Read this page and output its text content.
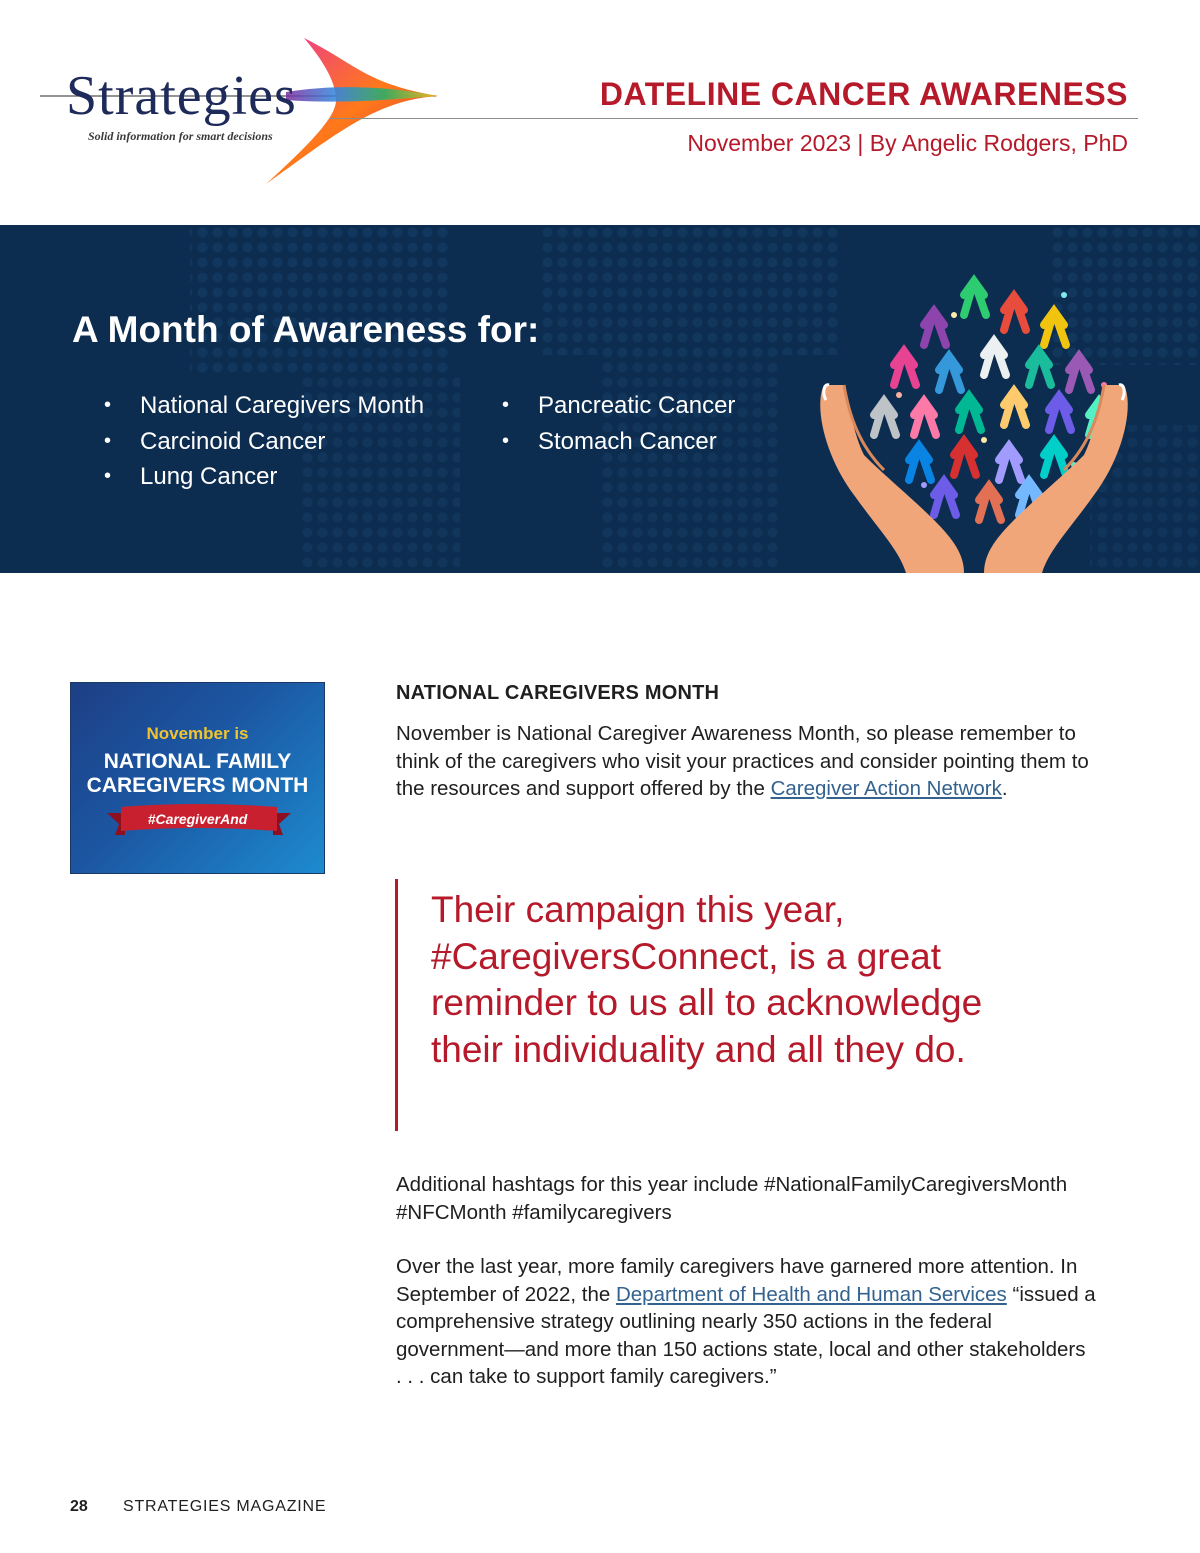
Strategies
Solid information for smart decisions
DATELINE CANCER AWARENESS
November 2023 | By Angelic Rodgers, PhD
A Month of Awareness for:
• National Caregivers Month
• Carcinoid Cancer
• Lung Cancer
• Pancreatic Cancer
• Stomach Cancer
November is
NATIONAL FAMILY
CAREGIVERS MONTH
#CaregiverAnd
NATIONAL CAREGIVERS MONTH

November is National Caregiver Awareness Month, so please remember to think of the caregivers who visit your practices and consider pointing them to the resources and support offered by the Caregiver Action Network.

Their campaign this year, #CaregiversConnect, is a great reminder to us all to acknowledge their individuality and all they do.

Additional hashtags for this year include #NationalFamilyCaregiversMonth #NFCMonth #familycaregivers

Over the last year, more family caregivers have garnered more attention. In September of 2022, the Department of Health and Human Services “issued a comprehensive strategy outlining nearly 350 actions in the federal government—and more than 150 actions state, local and other stakeholders . . . can take to support family caregivers.”

28 STRATEGIES MAGAZINE
